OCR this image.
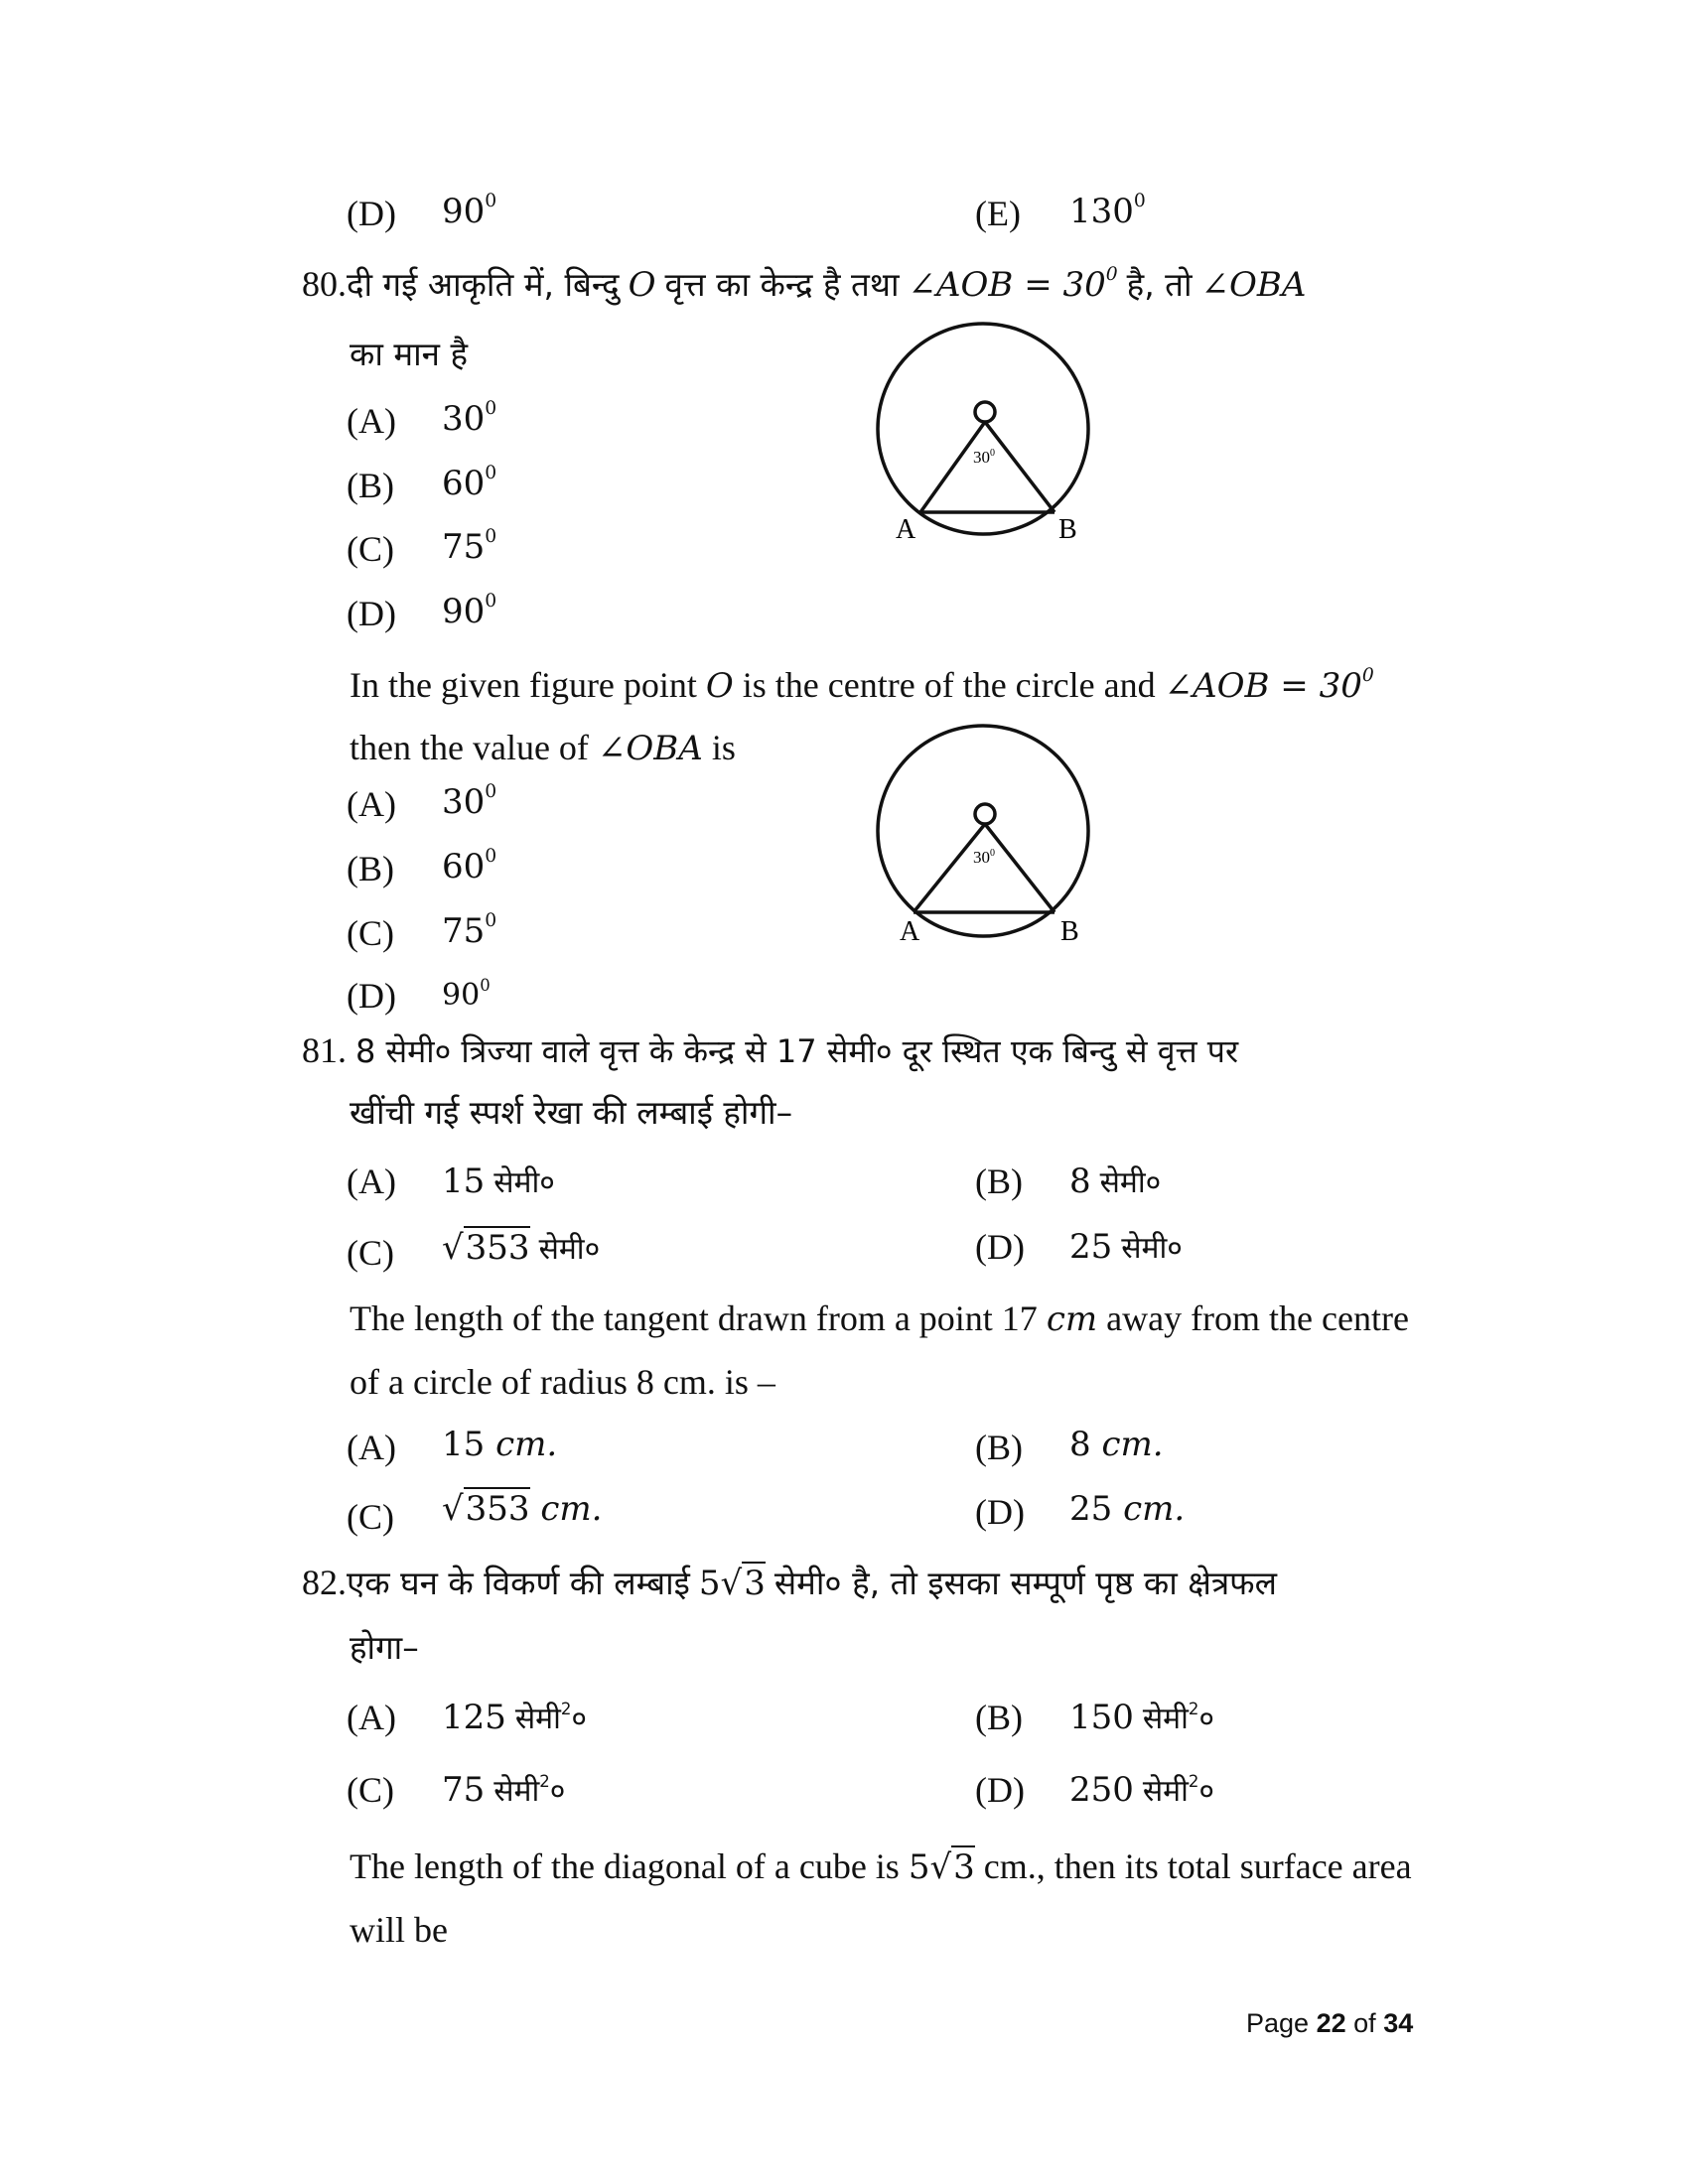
(D) $90^0$	(E) $130^0$
80.दी गई आकृति में, बिन्दु O वृत्त का केन्द्र है तथा ∠AOB = $30^0$ है, तो ∠OBA
का मान है
(A) $30^0$
(B) $60^0$
(C) $75^0$
(D) $90^0$
$30^0$
A	B
In the given figure point O is the centre of the circle and ∠AOB = $30^0$
then the value of ∠OBA is
(A) $30^0$
(B) $60^0$
(C) $75^0$
(D) $90^0$
$30^0$
A	B
81. 8 सेमी० त्रिज्या वाले वृत्त के केन्द्र से 17 सेमी० दूर स्थित एक बिन्दु से वृत्त पर
खींची गई स्पर्श रेखा की लम्बाई होगी–
(A) 15 सेमी०	(B) 8 सेमी०
(C) √353 सेमी०	(D) 25 सेमी०
The length of the tangent drawn from a point 17 cm away from the centre
of a circle of radius 8 cm. is –
(A) 15 cm.	(B) 8 cm.
(C) √353 cm.	(D) 25 cm.
82.एक घन के विकर्ण की लम्बाई 5√3 सेमी० है, तो इसका सम्पूर्ण पृष्ठ का क्षेत्रफल
होगा–
(A) 125 सेमी$^2$०	(B) 150 सेमी$^2$०
(C) 75 सेमी$^2$०	(D) 250 सेमी$^2$०
The length of the diagonal of a cube is 5√3 cm., then its total surface area
will be
Page 22 of 34
